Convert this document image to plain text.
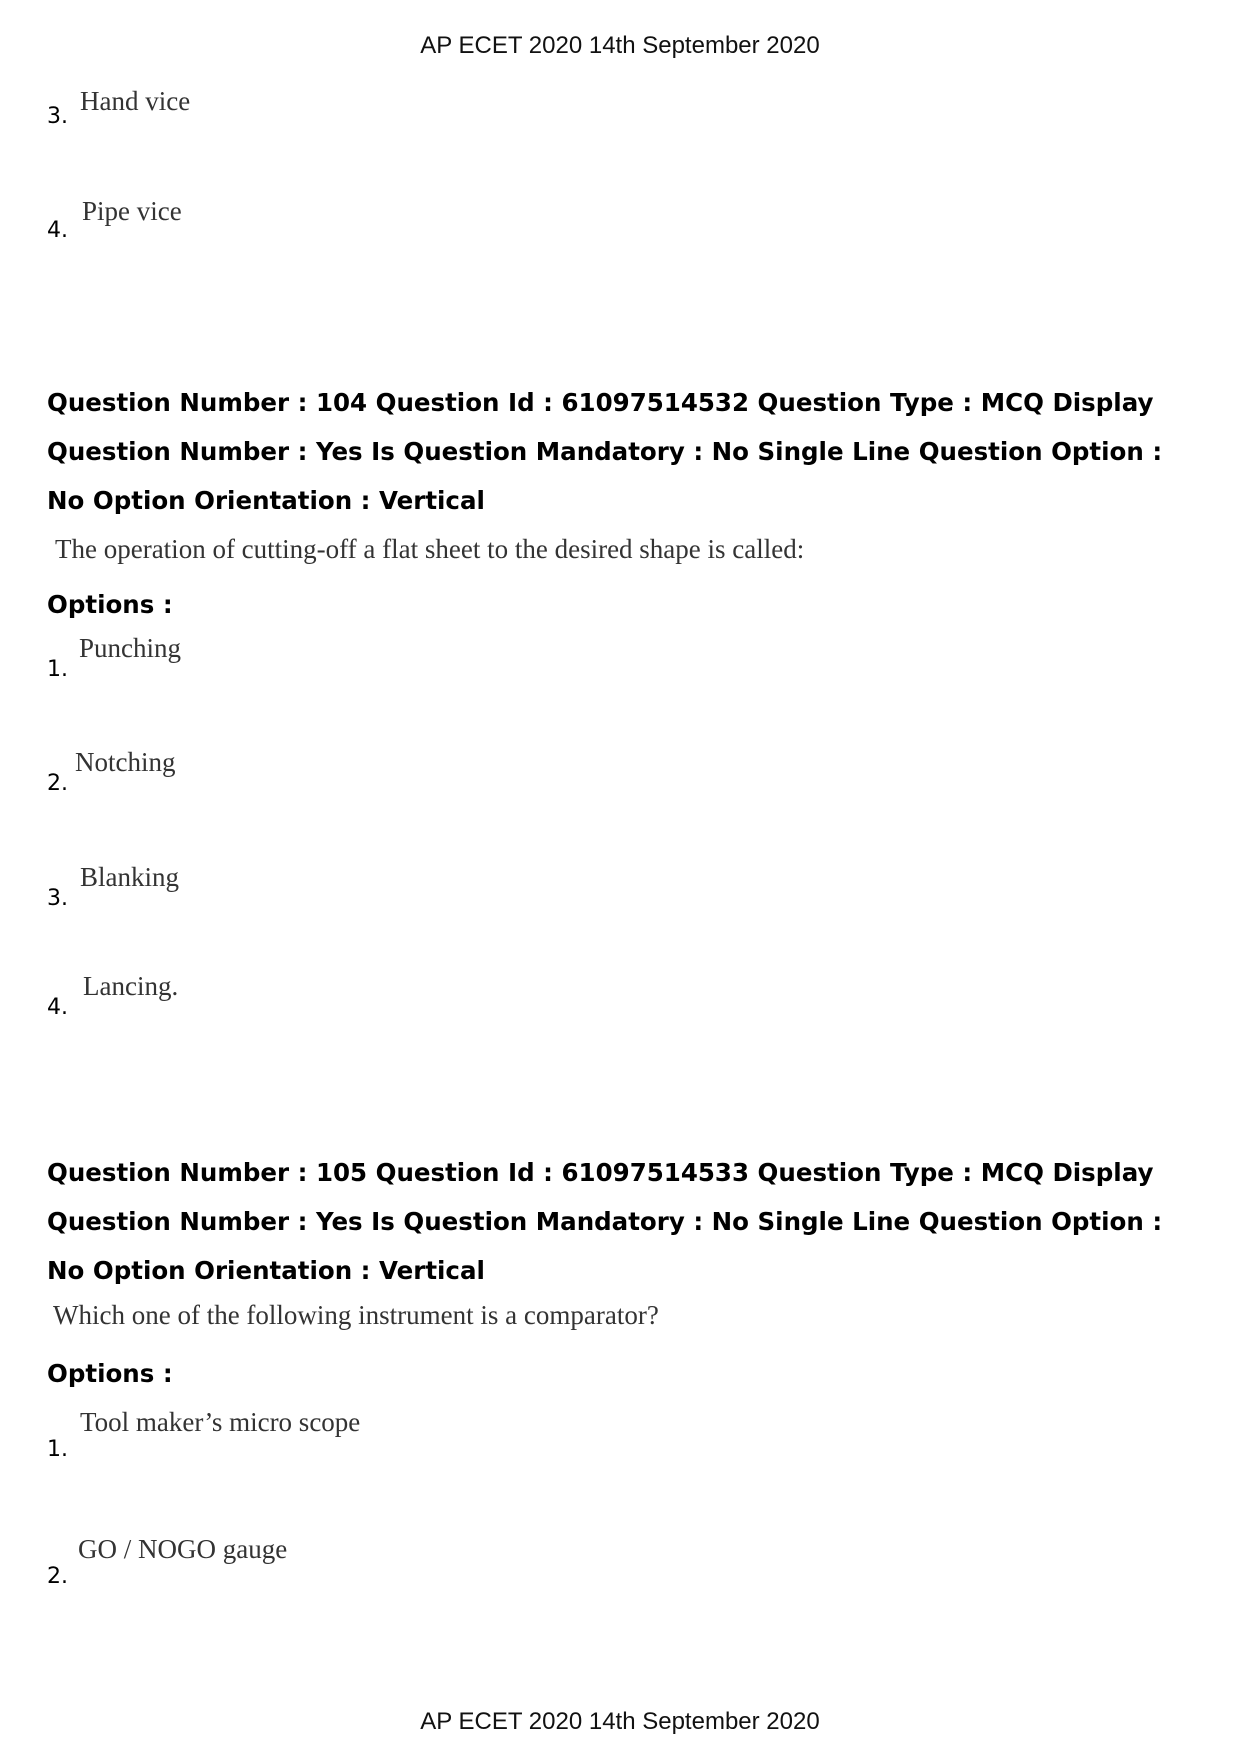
AP ECET 2020 14th September 2020
3.
Hand vice
4.
Pipe vice
Question Number : 104 Question Id : 61097514532 Question Type : MCQ Display Question Number : Yes Is Question Mandatory : No Single Line Question Option : No Option Orientation : Vertical
The operation of cutting-off a flat sheet to the desired shape is called:
Options :
1.
Punching
2.
Notching
3.
Blanking
4.
Lancing.
Question Number : 105 Question Id : 61097514533 Question Type : MCQ Display Question Number : Yes Is Question Mandatory : No Single Line Question Option : No Option Orientation : Vertical
Which one of the following instrument is a comparator?
Options :
1.
Tool maker’s micro scope
2.
GO / NOGO gauge
AP ECET 2020 14th September 2020
